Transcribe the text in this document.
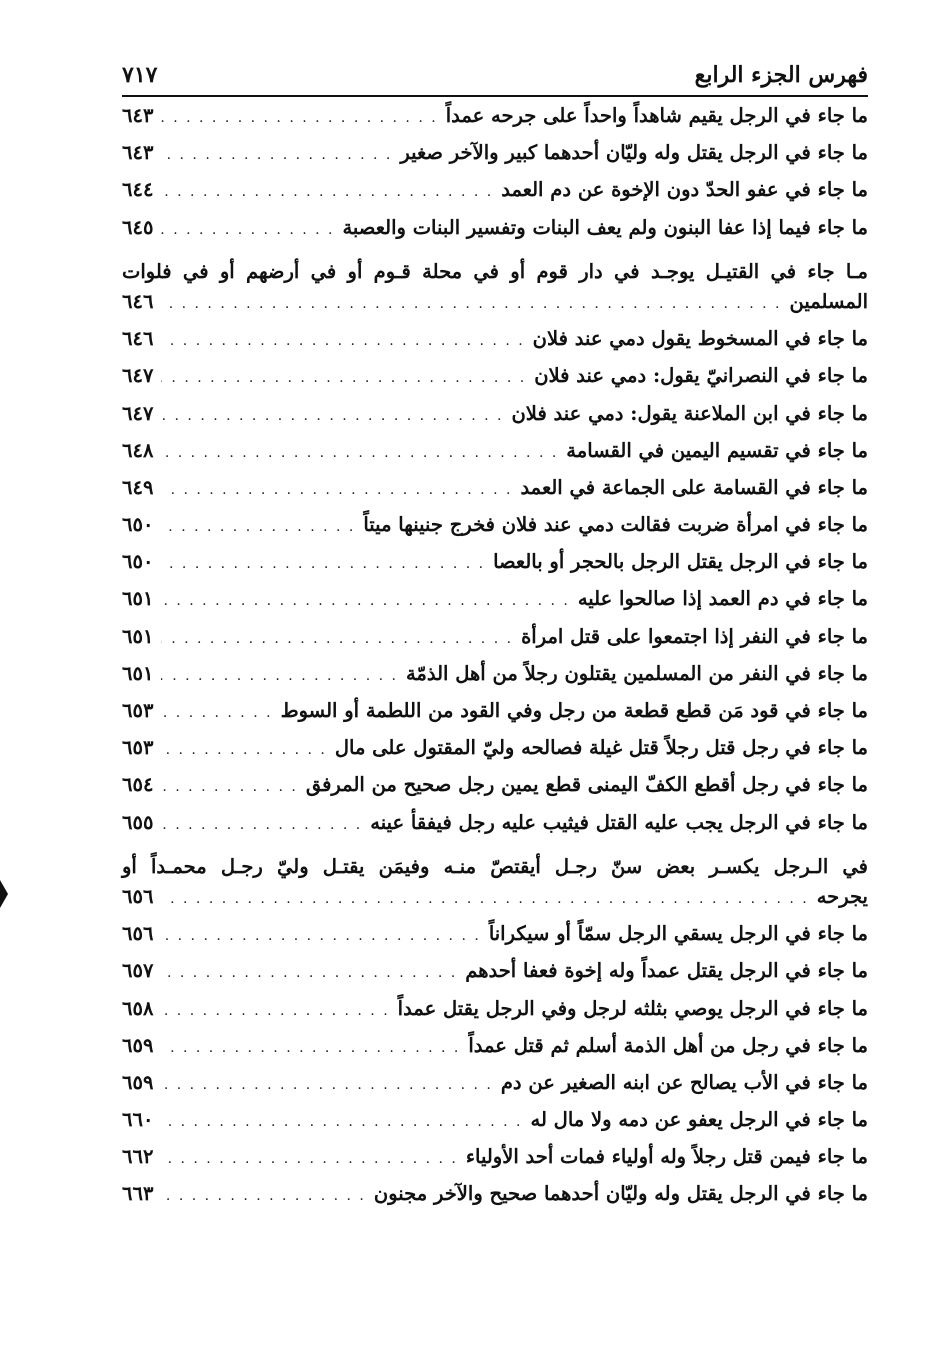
٧١٧	فهرس الجزء الرابع
ما جاء في الرجل يقيم شاهداً واحداً على جرحه عمداً
. . .
٦٤٣
ما جاء في الرجل يقتل وله وليّان أحدهما كبير والآخر صغير
. . .
٦٤٣
ما جاء في عفو الحدّ دون الإخوة عن دم العمد
. . .
٦٤٤
ما جاء فيما إذا عفا البنون ولم يعف البنات وتفسير البنات والعصبة
. . .
٦٤٥
مـا جاء في القتيـل يوجـد في دار قوم أو في محلة قـوم أو في أرضهم أو في فلوات
المسلمين
. . .
٦٤٦
ما جاء في المسخوط يقول دمي عند فلان
. . .
٦٤٦
ما جاء في النصرانيّ يقول: دمي عند فلان
. . .
٦٤٧
ما جاء في ابن الملاعنة يقول: دمي عند فلان
. . .
٦٤٧
ما جاء في تقسيم اليمين في القسامة
. . .
٦٤٨
ما جاء في القسامة على الجماعة في العمد
. . .
٦٤٩
ما جاء في امرأة ضربت فقالت دمي عند فلان فخرج جنينها ميتاً
. . .
٦٥٠
ما جاء في الرجل يقتل الرجل بالحجر أو بالعصا
. . .
٦٥٠
ما جاء في دم العمد إذا صالحوا عليه
. . .
٦٥١
ما جاء في النفر إذا اجتمعوا على قتل امرأة
. . .
٦٥١
ما جاء في النفر من المسلمين يقتلون رجلاً من أهل الذمّة
. . .
٦٥١
ما جاء في قود مَن قطع قطعة من رجل وفي القود من اللطمة أو السوط
. . .
٦٥٣
ما جاء في رجل قتل رجلاً قتل غيلة فصالحه وليّ المقتول على مال
. . .
٦٥٣
ما جاء في رجل أقطع الكفّ اليمنى قطع يمين رجل صحيح من المرفق
. . .
٦٥٤
ما جاء في الرجل يجب عليه القتل فيثيب عليه رجل فيفقأ عينه
. . .
٦٥٥
في الـرجل يكسـر بعض سنّ رجـل أيقتصّ منـه وفيمَن يقتـل وليّ رجـل محمـداً أو
يجرحه
. . .
٦٥٦
ما جاء في الرجل يسقي الرجل سمّاً أو سيكراناً
. . .
٦٥٦
ما جاء في الرجل يقتل عمداً وله إخوة فعفا أحدهم
. . .
٦٥٧
ما جاء في الرجل يوصي بثلثه لرجل وفي الرجل يقتل عمداً
. . .
٦٥٨
ما جاء في رجل من أهل الذمة أسلم ثم قتل عمداً
. . .
٦٥٩
ما جاء في الأب يصالح عن ابنه الصغير عن دم
. . .
٦٥٩
ما جاء في الرجل يعفو عن دمه ولا مال له
. . .
٦٦٠
ما جاء فيمن قتل رجلاً وله أولياء فمات أحد الأولياء
. . .
٦٦٢
ما جاء في الرجل يقتل وله وليّان أحدهما صحيح والآخر مجنون
. . .
٦٦٣
